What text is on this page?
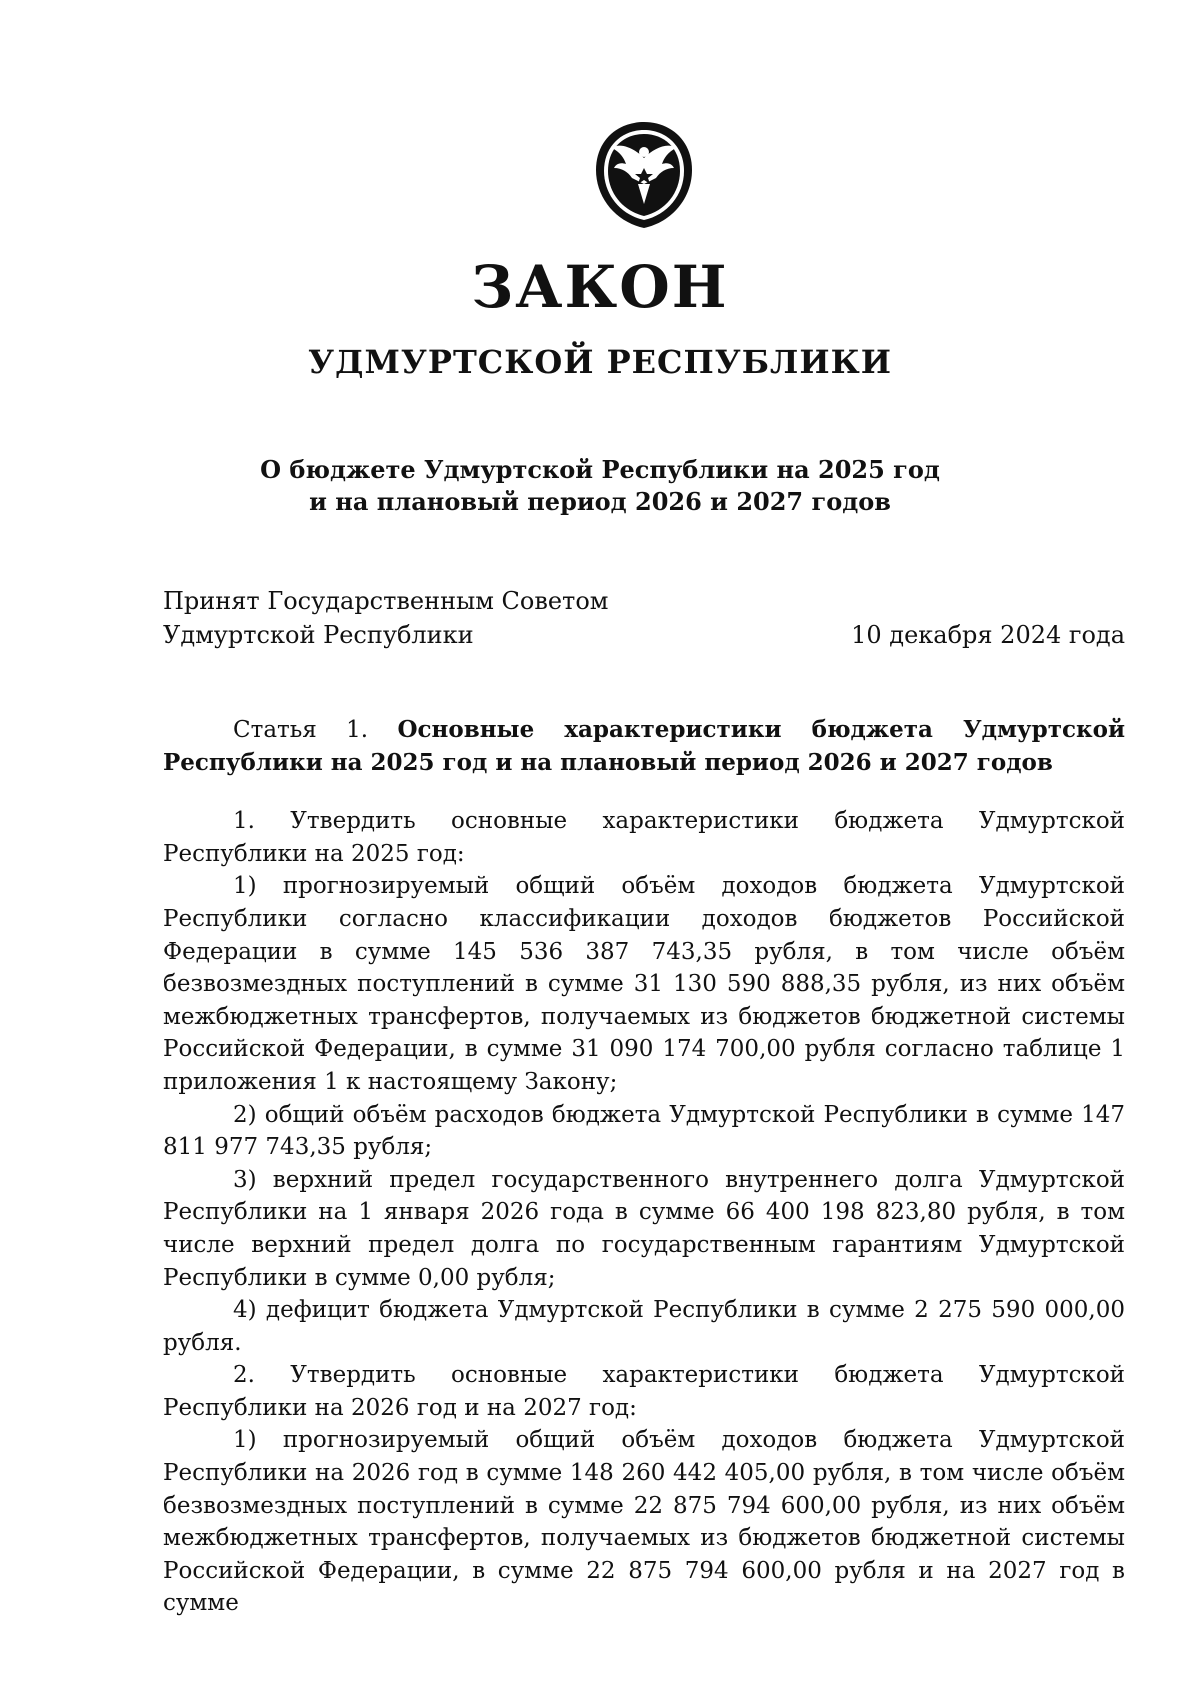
ЗАКОН
УДМУРТСКОЙ РЕСПУБЛИКИ
О бюджете Удмуртской Республики на 2025 год
и на плановый период 2026 и 2027 годов
Принят Государственным Советом
Удмуртской Республики	10 декабря 2024 года

Статья 1. Основные характеристики бюджета Удмуртской Республики на 2025 год и на плановый период 2026 и 2027 годов

1. Утвердить основные характеристики бюджета Удмуртской Республики на 2025 год:

1) прогнозируемый общий объём доходов бюджета Удмуртской Республики согласно классификации доходов бюджетов Российской Федерации в сумме 145 536 387 743,35 рубля, в том числе объём безвозмездных поступлений в сумме 31 130 590 888,35 рубля, из них объём межбюджетных трансфертов, получаемых из бюджетов бюджетной системы Российской Федерации, в сумме 31 090 174 700,00 рубля согласно таблице 1 приложения 1 к настоящему Закону;

2) общий объём расходов бюджета Удмуртской Республики в сумме 147 811 977 743,35 рубля;

3) верхний предел государственного внутреннего долга Удмуртской Республики на 1 января 2026 года в сумме 66 400 198 823,80 рубля, в том числе верхний предел долга по государственным гарантиям Удмуртской Республики в сумме 0,00 рубля;

4) дефицит бюджета Удмуртской Республики в сумме 2 275 590 000,00 рубля.

2. Утвердить основные характеристики бюджета Удмуртской Республики на 2026 год и на 2027 год:

1) прогнозируемый общий объём доходов бюджета Удмуртской Республики на 2026 год в сумме 148 260 442 405,00 рубля, в том числе объём безвозмездных поступлений в сумме 22 875 794 600,00 рубля, из них объём межбюджетных трансфертов, получаемых из бюджетов бюджетной системы Российской Федерации, в сумме 22 875 794 600,00 рубля и на 2027 год в сумме
